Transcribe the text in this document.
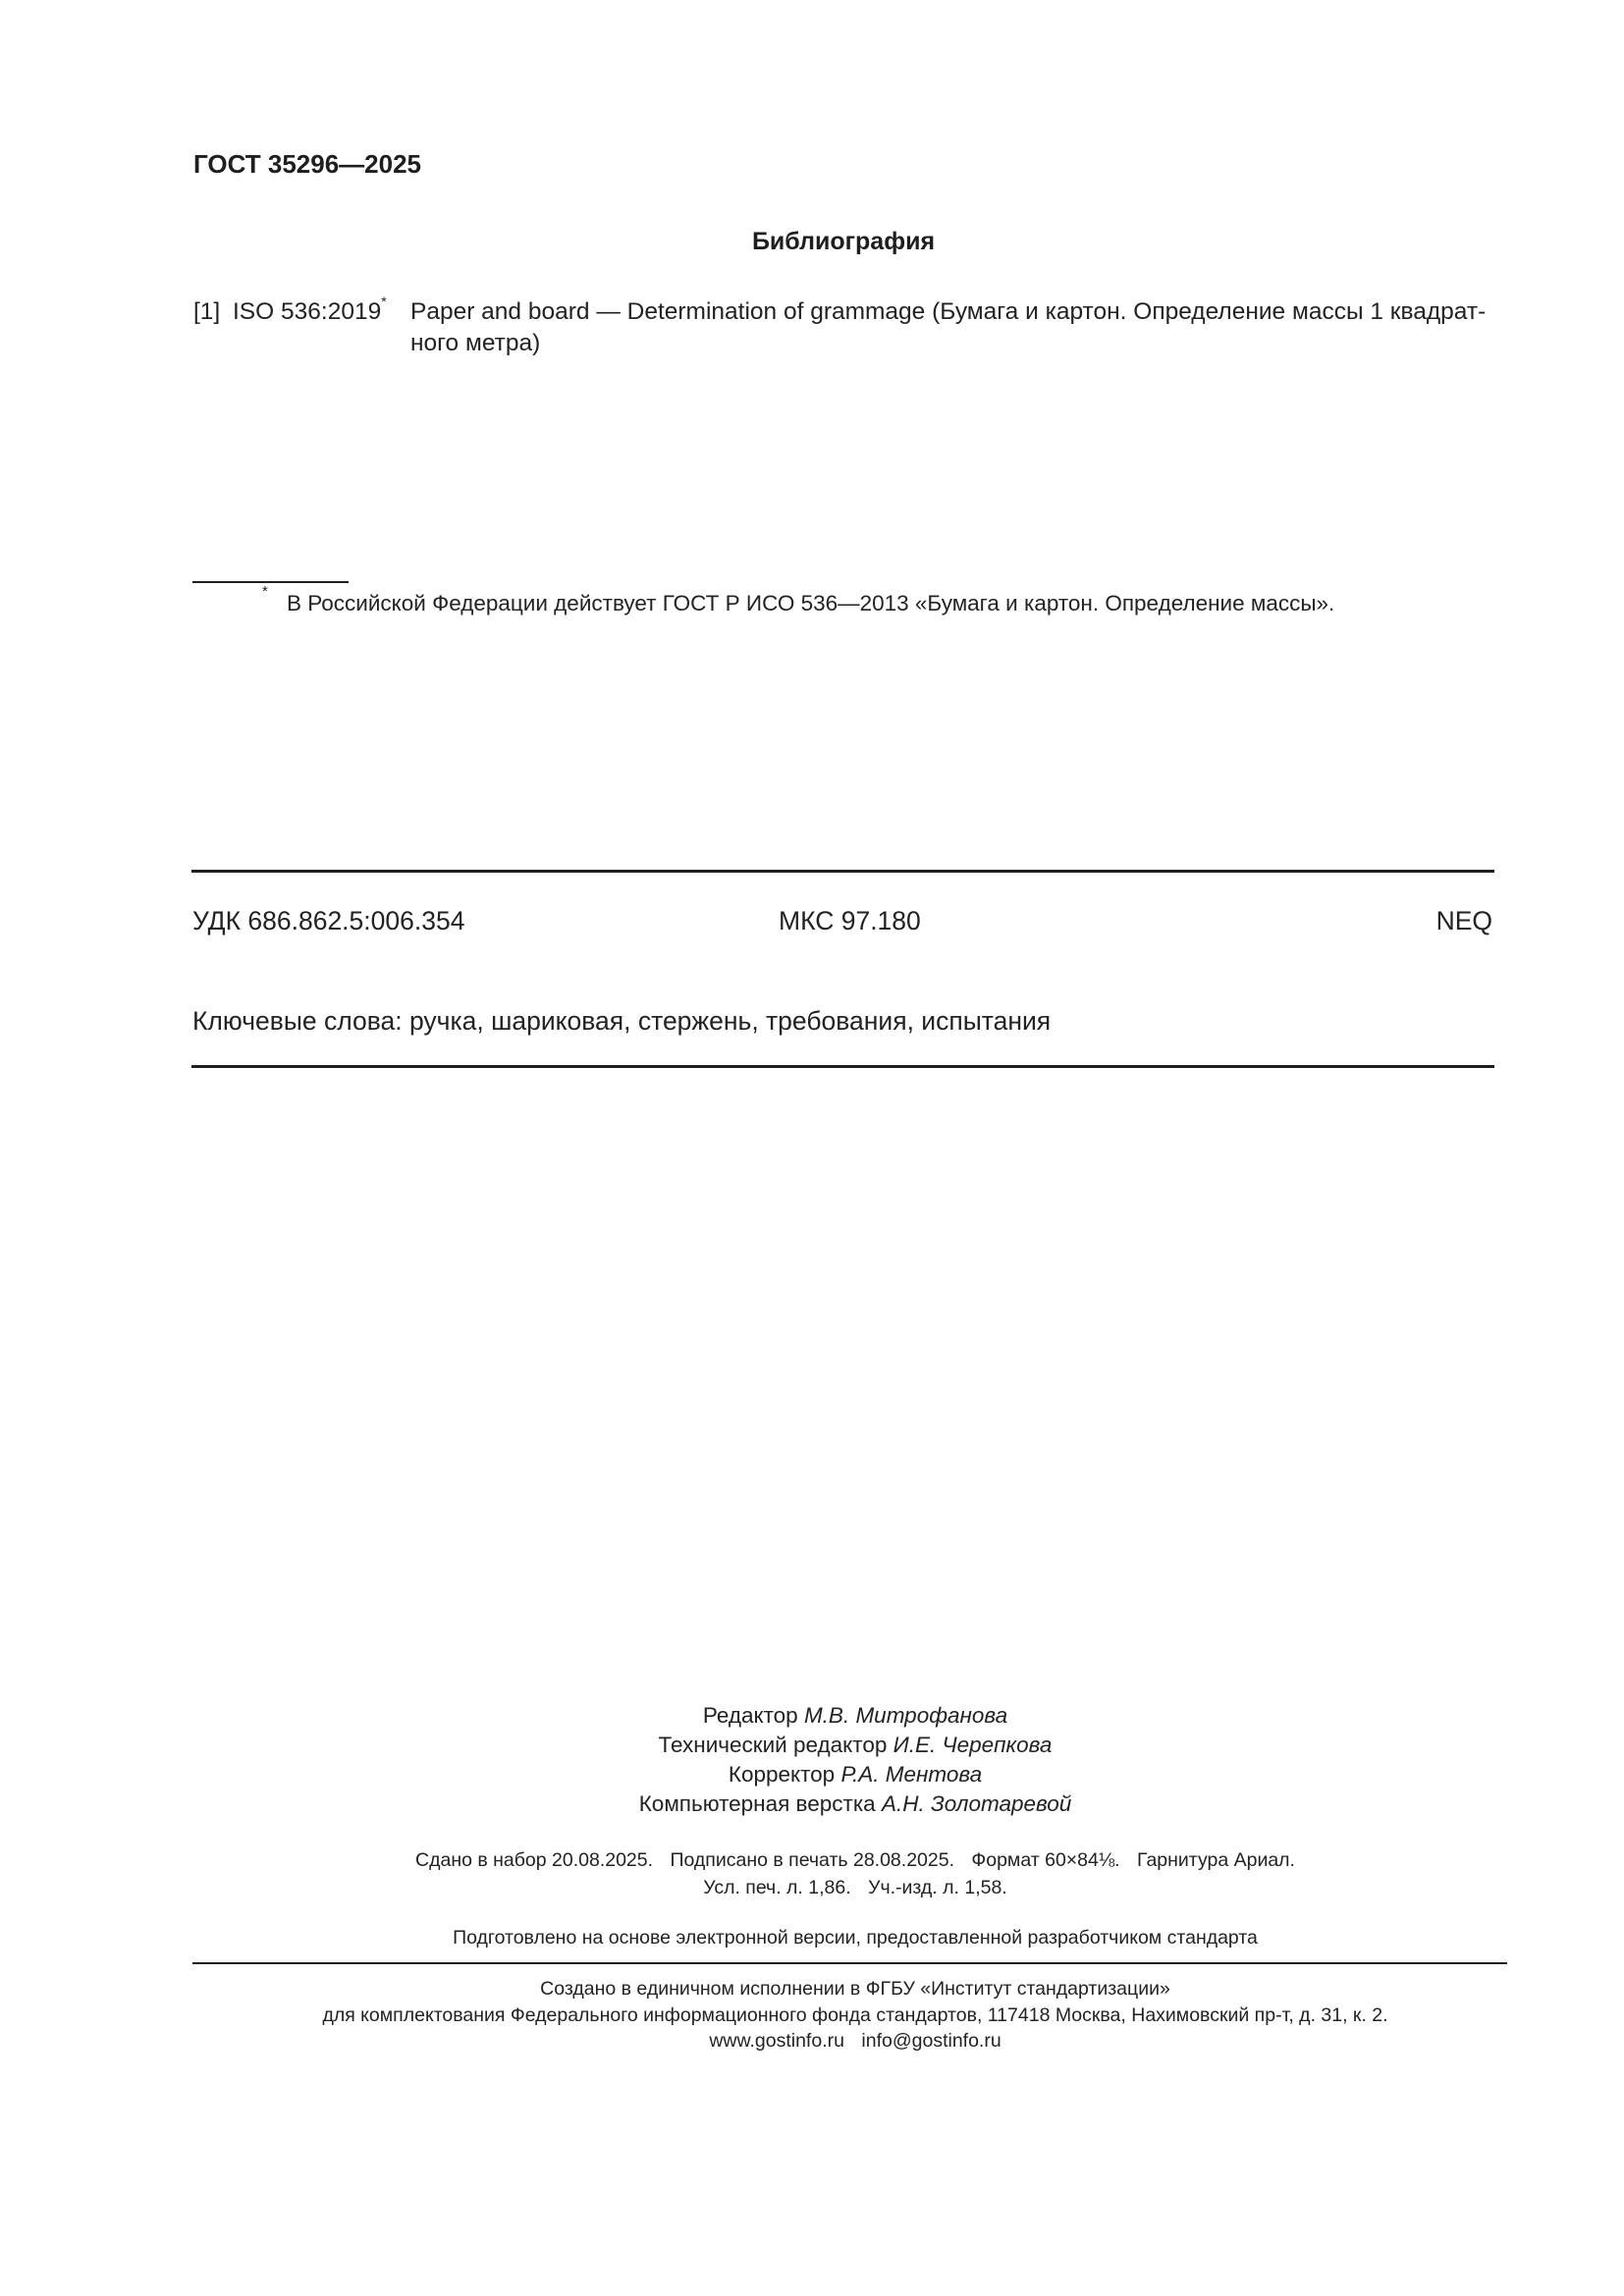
ГОСТ 35296—2025
Библиография
[1] ISO 536:2019* Paper and board — Determination of grammage (Бумага и картон. Определение массы 1 квадрат-
ного метра)
* В Российской Федерации действует ГОСТ Р ИСО 536—2013 «Бумага и картон. Определение массы».
УДК 686.862.5:006.354	МКС 97.180	NEQ
Ключевые слова: ручка, шариковая, стержень, требования, испытания
Редактор М.В. Митрофанова
Технический редактор И.Е. Черепкова
Корректор Р.А. Ментова
Компьютерная верстка А.Н. Золотаревой
Сдано в набор 20.08.2025. Подписано в печать 28.08.2025. Формат 60×84⅛. Гарнитура Ариал.
Усл. печ. л. 1,86. Уч.-изд. л. 1,58.
Подготовлено на основе электронной версии, предоставленной разработчиком стандарта
Создано в единичном исполнении в ФГБУ «Институт стандартизации»
для комплектования Федерального информационного фонда стандартов, 117418 Москва, Нахимовский пр-т, д. 31, к. 2.
www.gostinfo.ru info@gostinfo.ru
